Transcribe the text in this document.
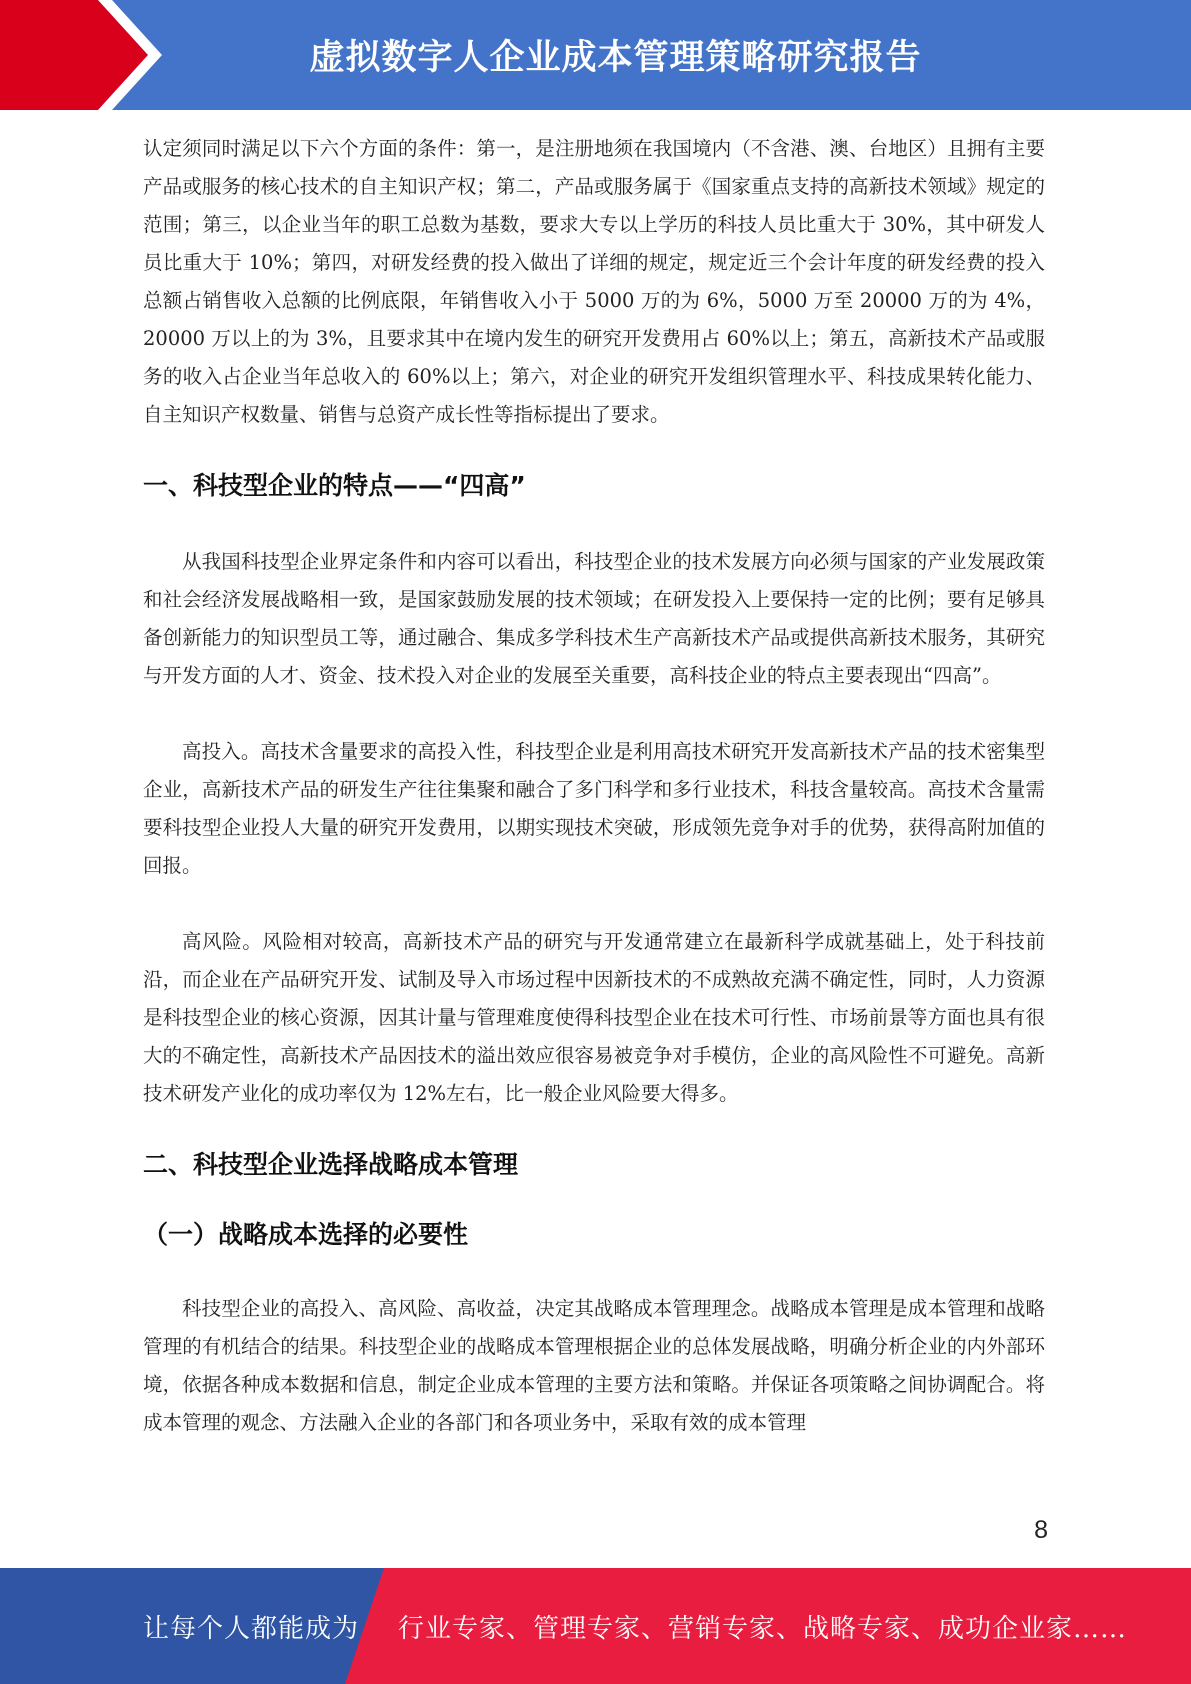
虚拟数字人企业成本管理策略研究报告

认定须同时满足以下六个方面的条件：第一，是注册地须在我国境内（不含港、澳、台地区）且拥有主要产品或服务的核心技术的自主知识产权；第二，产品或服务属于《国家重点支持的高新技术领域》规定的范围；第三，以企业当年的职工总数为基数，要求大专以上学历的科技人员比重大于 30%，其中研发人员比重大于 10%；第四，对研发经费的投入做出了详细的规定，规定近三个会计年度的研发经费的投入总额占销售收入总额的比例底限，年销售收入小于 5000 万的为 6%，5000 万至 20000 万的为 4%，20000 万以上的为 3%，且要求其中在境内发生的研究开发费用占 60%以上；第五，高新技术产品或服务的收入占企业当年总收入的 60%以上；第六，对企业的研究开发组织管理水平、科技成果转化能力、自主知识产权数量、销售与总资产成长性等指标提出了要求。

一、科技型企业的特点——“四高”

从我国科技型企业界定条件和内容可以看出，科技型企业的技术发展方向必须与国家的产业发展政策和社会经济发展战略相一致，是国家鼓励发展的技术领域；在研发投入上要保持一定的比例；要有足够具备创新能力的知识型员工等，通过融合、集成多学科技术生产高新技术产品或提供高新技术服务，其研究与开发方面的人才、资金、技术投入对企业的发展至关重要，高科技企业的特点主要表现出“四高”。

高投入。高技术含量要求的高投入性，科技型企业是利用高技术研究开发高新技术产品的技术密集型企业，高新技术产品的研发生产往往集聚和融合了多门科学和多行业技术，科技含量较高。高技术含量需要科技型企业投人大量的研究开发费用，以期实现技术突破，形成领先竞争对手的优势，获得高附加值的回报。

高风险。风险相对较高，高新技术产品的研究与开发通常建立在最新科学成就基础上，处于科技前沿，而企业在产品研究开发、试制及导入市场过程中因新技术的不成熟故充满不确定性，同时，人力资源是科技型企业的核心资源，因其计量与管理难度使得科技型企业在技术可行性、市场前景等方面也具有很大的不确定性，高新技术产品因技术的溢出效应很容易被竞争对手模仿，企业的高风险性不可避免。高新技术研发产业化的成功率仅为 12%左右，比一般企业风险要大得多。

二、科技型企业选择战略成本管理
（一）战略成本选择的必要性

科技型企业的高投入、高风险、高收益，决定其战略成本管理理念。战略成本管理是成本管理和战略管理的有机结合的结果。科技型企业的战略成本管理根据企业的总体发展战略，明确分析企业的内外部环境，依据各种成本数据和信息，制定企业成本管理的主要方法和策略。并保证各项策略之间协调配合。将成本管理的观念、方法融入企业的各部门和各项业务中，采取有效的成本管理

8
让每个人都能成为 行业专家、管理专家、营销专家、战略专家、成功企业家……
